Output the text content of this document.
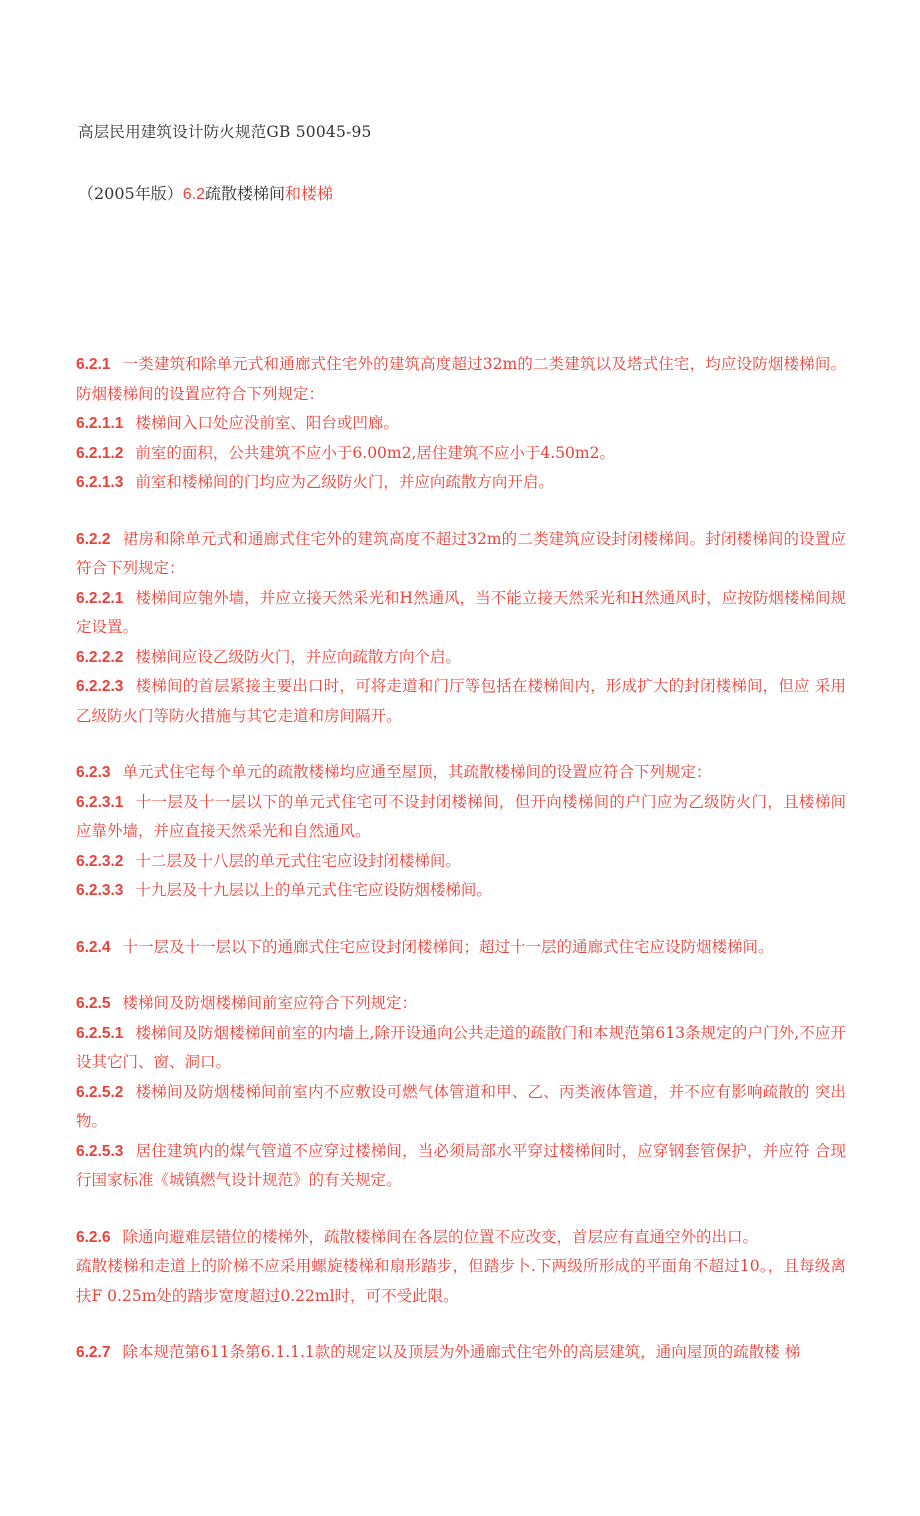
高层民用建筑设计防火规范GB 50045-95
（2005年版）6.2疏散楼梯间和楼梯

6.2.1 一类建筑和除单元式和通廊式住宅外的建筑高度超过32m的二类建筑以及塔式住宅，均应设防烟楼梯间。防烟楼梯间的设置应符合下列规定：

6.2.1.1 楼梯间入口处应没前室、阳台或凹廊。

6.2.1.2 前室的面积，公共建筑不应小于6.00m2,居住建筑不应小于4.50m2。

6.2.1.3 前室和楼梯间的门均应为乙级防火门，并应向疏散方向开启。

6.2.2 裙房和除单元式和通廊式住宅外的建筑高度不超过32m的二类建筑应设封闭楼梯间。封闭楼梯间的设置应符合下列规定：

6.2.2.1 楼梯间应匏外墙，并应立接天然采光和H然通风，当不能立接天然采光和H然通风时，应按防烟楼梯间规定设置。

6.2.2.2 楼梯间应设乙级防火门，并应向疏散方向个启。

6.2.2.3 楼梯间的首层紧接主要出口时，可将走道和门厅等包括在楼梯间内，形成扩大的封闭楼梯间，但应 采用乙级防火门等防火措施与其它走道和房间隔开。

6.2.3 单元式住宅每个单元的疏散楼梯均应通至屋顶，其疏散楼梯间的设置应符合下列规定：

6.2.3.1 十一层及十一层以下的单元式住宅可不设封闭楼梯间，但开向楼梯间的户门应为乙级防火门，且楼梯间应靠外墙，并应直接天然采光和自然通风。

6.2.3.2 十二层及十八层的单元式住宅应设封闭楼梯间。

6.2.3.3 十九层及十九层以上的单元式住宅应设防烟楼梯间。

6.2.4 十一层及十一层以下的通廊式住宅应设封闭楼梯间；超过十一层的通廊式住宅应设防烟楼梯间。

6.2.5 楼梯间及防烟楼梯间前室应符合下列规定：

6.2.5.1 楼梯间及防烟楼梯间前室的内墙上,除开设通向公共走道的疏散门和本规范第613条规定的户门外,不应开设其它门、窗、洞口。

6.2.5.2 楼梯间及防烟楼梯间前室内不应敷设可燃气体管道和甲、乙、丙类液体管道，并不应有影响疏散的 突出物。

6.2.5.3 居住建筑内的煤气管道不应穿过楼梯间，当必须局部水平穿过楼梯间时，应穿钢套管保护，并应符 合现行国家标准《城镇燃气设计规范》的有关规定。

6.2.6 除通向避难层错位的楼梯外，疏散楼梯间在各层的位置不应改变，首层应有直通空外的出口。

疏散楼梯和走道上的阶梯不应采用螺旋楼梯和扇形踏步，但踏步卜.下两级所形成的平面角不超过10。，且每级离扶F 0.25m处的踏步宽度超过0.22ml时，可不受此限。

6.2.7 除本规范第611条第6.1.1.1款的规定以及顶层为外通廊式住宅外的高层建筑，通向屋顶的疏散楼 梯
